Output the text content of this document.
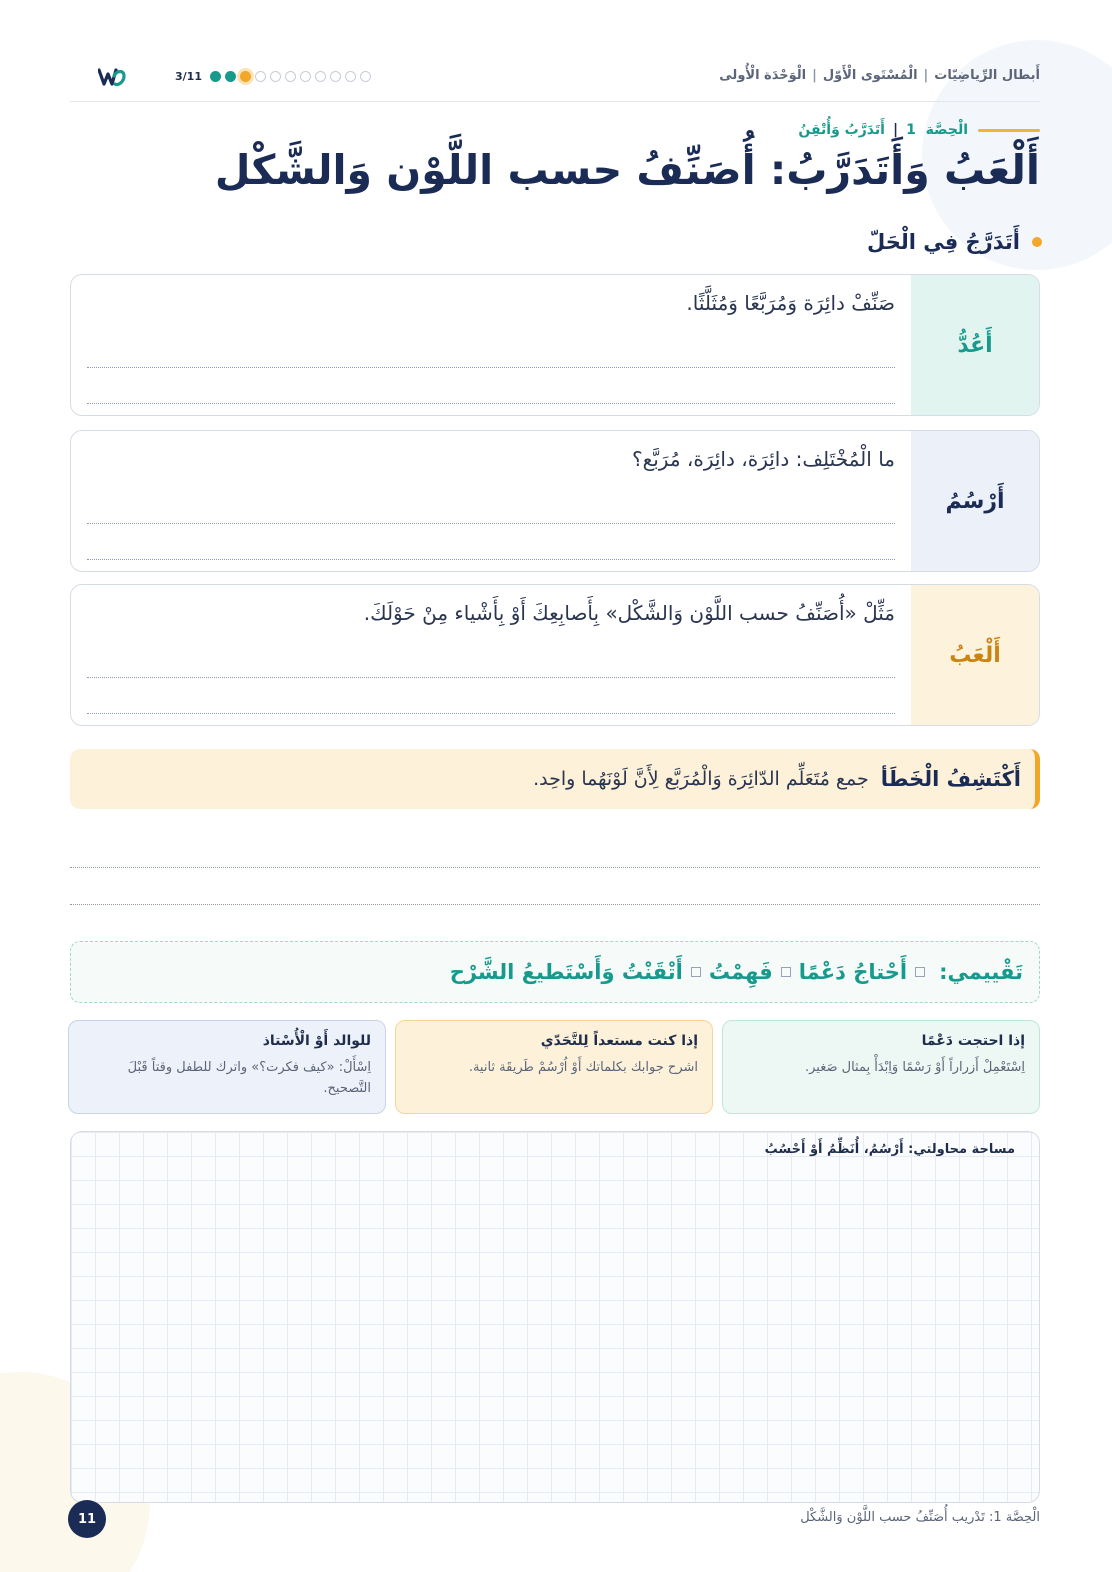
3/11	أَبطال الرِّياضِيّات|الْمُسْتَوى الْأَوّل|الْوَحْدَة الْأُولى
الْحِصَّة

1
|
أَتَدَرَّبُ وَأُتْقِنُ
أَلْعَبُ وَأَتَدَرَّبُ: أُصَنِّفُ حسب اللَّوْن وَالشَّكْل
أَتَدَرَّجُ فِي الْحَلّ
أَعُدُّ
صَنِّفْ دائِرَة وَمُرَبَّعًا وَمُثَلَّثًا.
أَرْسُمُ
ما الْمُخْتَلِف: دائِرَة، دائِرَة، مُرَبَّع؟
أَلْعَبُ
مَثِّلْ «أُصَنِّفُ حسب اللَّوْن وَالشَّكْل» بِأَصابِعِكَ أَوْ بِأَشْياء مِنْ حَوْلَكَ.
أَكْتَشِفُ الْخَطَأ
جمع مُتَعَلِّم الدّائِرَة وَالْمُرَبَّع لِأَنَّ لَوْنَهُما واحِد.
تَقْييمي:
أَحْتاجُ دَعْمًا
فَهِمْتُ
أَتْقَنْتُ وَأَسْتَطيعُ الشَّرْح
إذا احتجت دَعْمًا

اِسْتَعْمِلْ أَزراراً أَوْ رَسْمًا وَاِبْدَأْ بِمثال صَغير.

إذا كنت مستعداً لِلتَّحَدّي

اشرح جوابك بكلماتك أَوْ اُرْسُمْ طَريقَة ثانية.

للوالد أَوْ الْأُسْتاذ

اِسْأَلْ: «كيف فكرت؟» واترك للطفل وقتاً قَبْلَ التَّصحيح.

مساحة محاولتي: أَرْسُمُ، أُنَظِّمُ أَوْ أَحْسُبُ
11	الْحِصَّة 1: تَدْريب أُصَنِّفُ حسب اللَّوْن وَالشَّكْل
